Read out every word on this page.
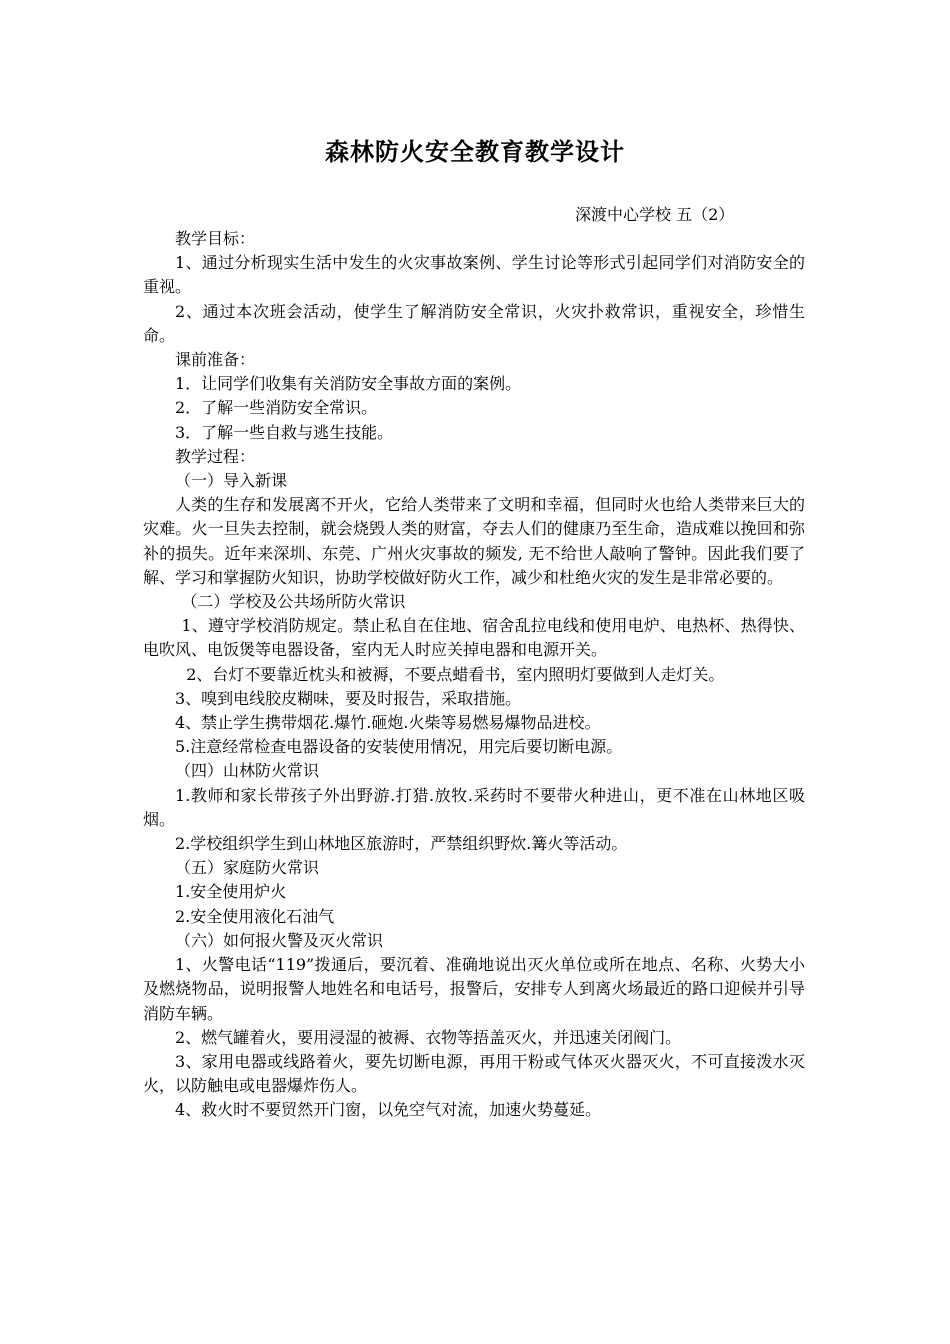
森林防火安全教育教学设计
深渡中心学校 五（2）

教学目标：

1、通过分析现实生活中发生的火灾事故案例、学生讨论等形式引起同学们对消防安全的重视。

2、通过本次班会活动，使学生了解消防安全常识，火灾扑救常识，重视安全，珍惜生命。

课前准备：

1．让同学们收集有关消防安全事故方面的案例。

2．了解一些消防安全常识。

3．了解一些自救与逃生技能。

教学过程：

（一）导入新课

人类的生存和发展离不开火，它给人类带来了文明和幸福，但同时火也给人类带来巨大的灾难。火一旦失去控制，就会烧毁人类的财富，夺去人们的健康乃至生命，造成难以挽回和弥补的损失。近年来深圳、东莞、广州火灾事故的频发, 无不给世人敲响了警钟。因此我们要了解、学习和掌握防火知识，协助学校做好防火工作，减少和杜绝火灾的发生是非常必要的。

（二）学校及公共场所防火常识

1、遵守学校消防规定。禁止私自在住地、宿舍乱拉电线和使用电炉、电热杯、热得快、电吹风、电饭煲等电器设备，室内无人时应关掉电器和电源开关。

2、台灯不要靠近枕头和被褥，不要点蜡看书，室内照明灯要做到人走灯关。

3、嗅到电线胶皮糊味，要及时报告，采取措施。

4、禁止学生携带烟花.爆竹.砸炮.火柴等易燃易爆物品进校。

5.注意经常检查电器设备的安装使用情况，用完后要切断电源。

（四）山林防火常识

1.教师和家长带孩子外出野游.打猎.放牧.采药时不要带火种进山，更不准在山林地区吸烟。

2.学校组织学生到山林地区旅游时，严禁组织野炊.篝火等活动。

（五）家庭防火常识

1.安全使用炉火

2.安全使用液化石油气

（六）如何报火警及灭火常识

1、火警电话“119”拨通后，要沉着、准确地说出灭火单位或所在地点、名称、火势大小及燃烧物品，说明报警人地姓名和电话号，报警后，安排专人到离火场最近的路口迎候并引导消防车辆。

2、燃气罐着火，要用浸湿的被褥、衣物等捂盖灭火，并迅速关闭阀门。

3、家用电器或线路着火，要先切断电源，再用干粉或气体灭火器灭火，不可直接泼水灭火，以防触电或电器爆炸伤人。

4、救火时不要贸然开门窗，以免空气对流，加速火势蔓延。
